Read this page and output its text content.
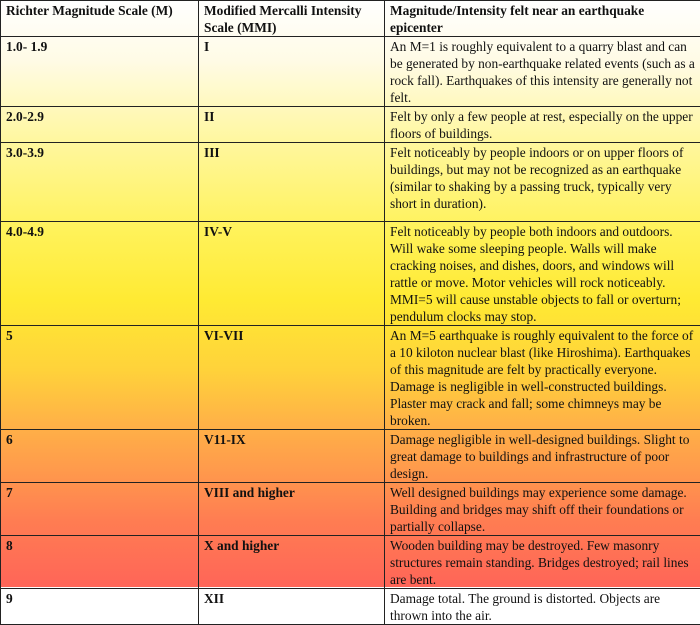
Richter Magnitude Scale (M)	Modified Mercalli Intensity Scale (MMI)	Magnitude/Intensity felt near an earthquake epicenter
1.0- 1.9	I	An M=1 is roughly equivalent to a quarry blast and can be generated by non-earthquake related events (such as a rock fall). Earthquakes of this intensity are generally not felt.
2.0-2.9	II	Felt by only a few people at rest, especially on the upper floors of buildings.
3.0-3.9	III	Felt noticeably by people indoors or on upper floors of buildings, but may not be recognized as an earthquake (similar to shaking by a passing truck, typically very short in duration).
4.0-4.9	IV-V	Felt noticeably by people both indoors and outdoors. Will wake some sleeping people. Walls will make cracking noises, and dishes, doors, and windows will rattle or move. Motor vehicles will rock noticeably. MMI=5 will cause unstable objects to fall or overturn; pendulum clocks may stop.
5	VI-VII	An M=5 earthquake is roughly equivalent to the force of a 10 kiloton nuclear blast (like Hiroshima). Earthquakes of this magnitude are felt by practically everyone. Damage is negligible in well-constructed buildings. Plaster may crack and fall; some chimneys may be broken.
6	V11-IX	Damage negligible in well-designed buildings. Slight to great damage to buildings and infrastructure of poor design.
7	VIII and higher	Well designed buildings may experience some damage. Building and bridges may shift off their foundations or partially collapse.
8	X and higher	Wooden building may be destroyed. Few masonry structures remain standing. Bridges destroyed; rail lines are bent.
9	XII	Damage total. The ground is distorted. Objects are thrown into the air.
